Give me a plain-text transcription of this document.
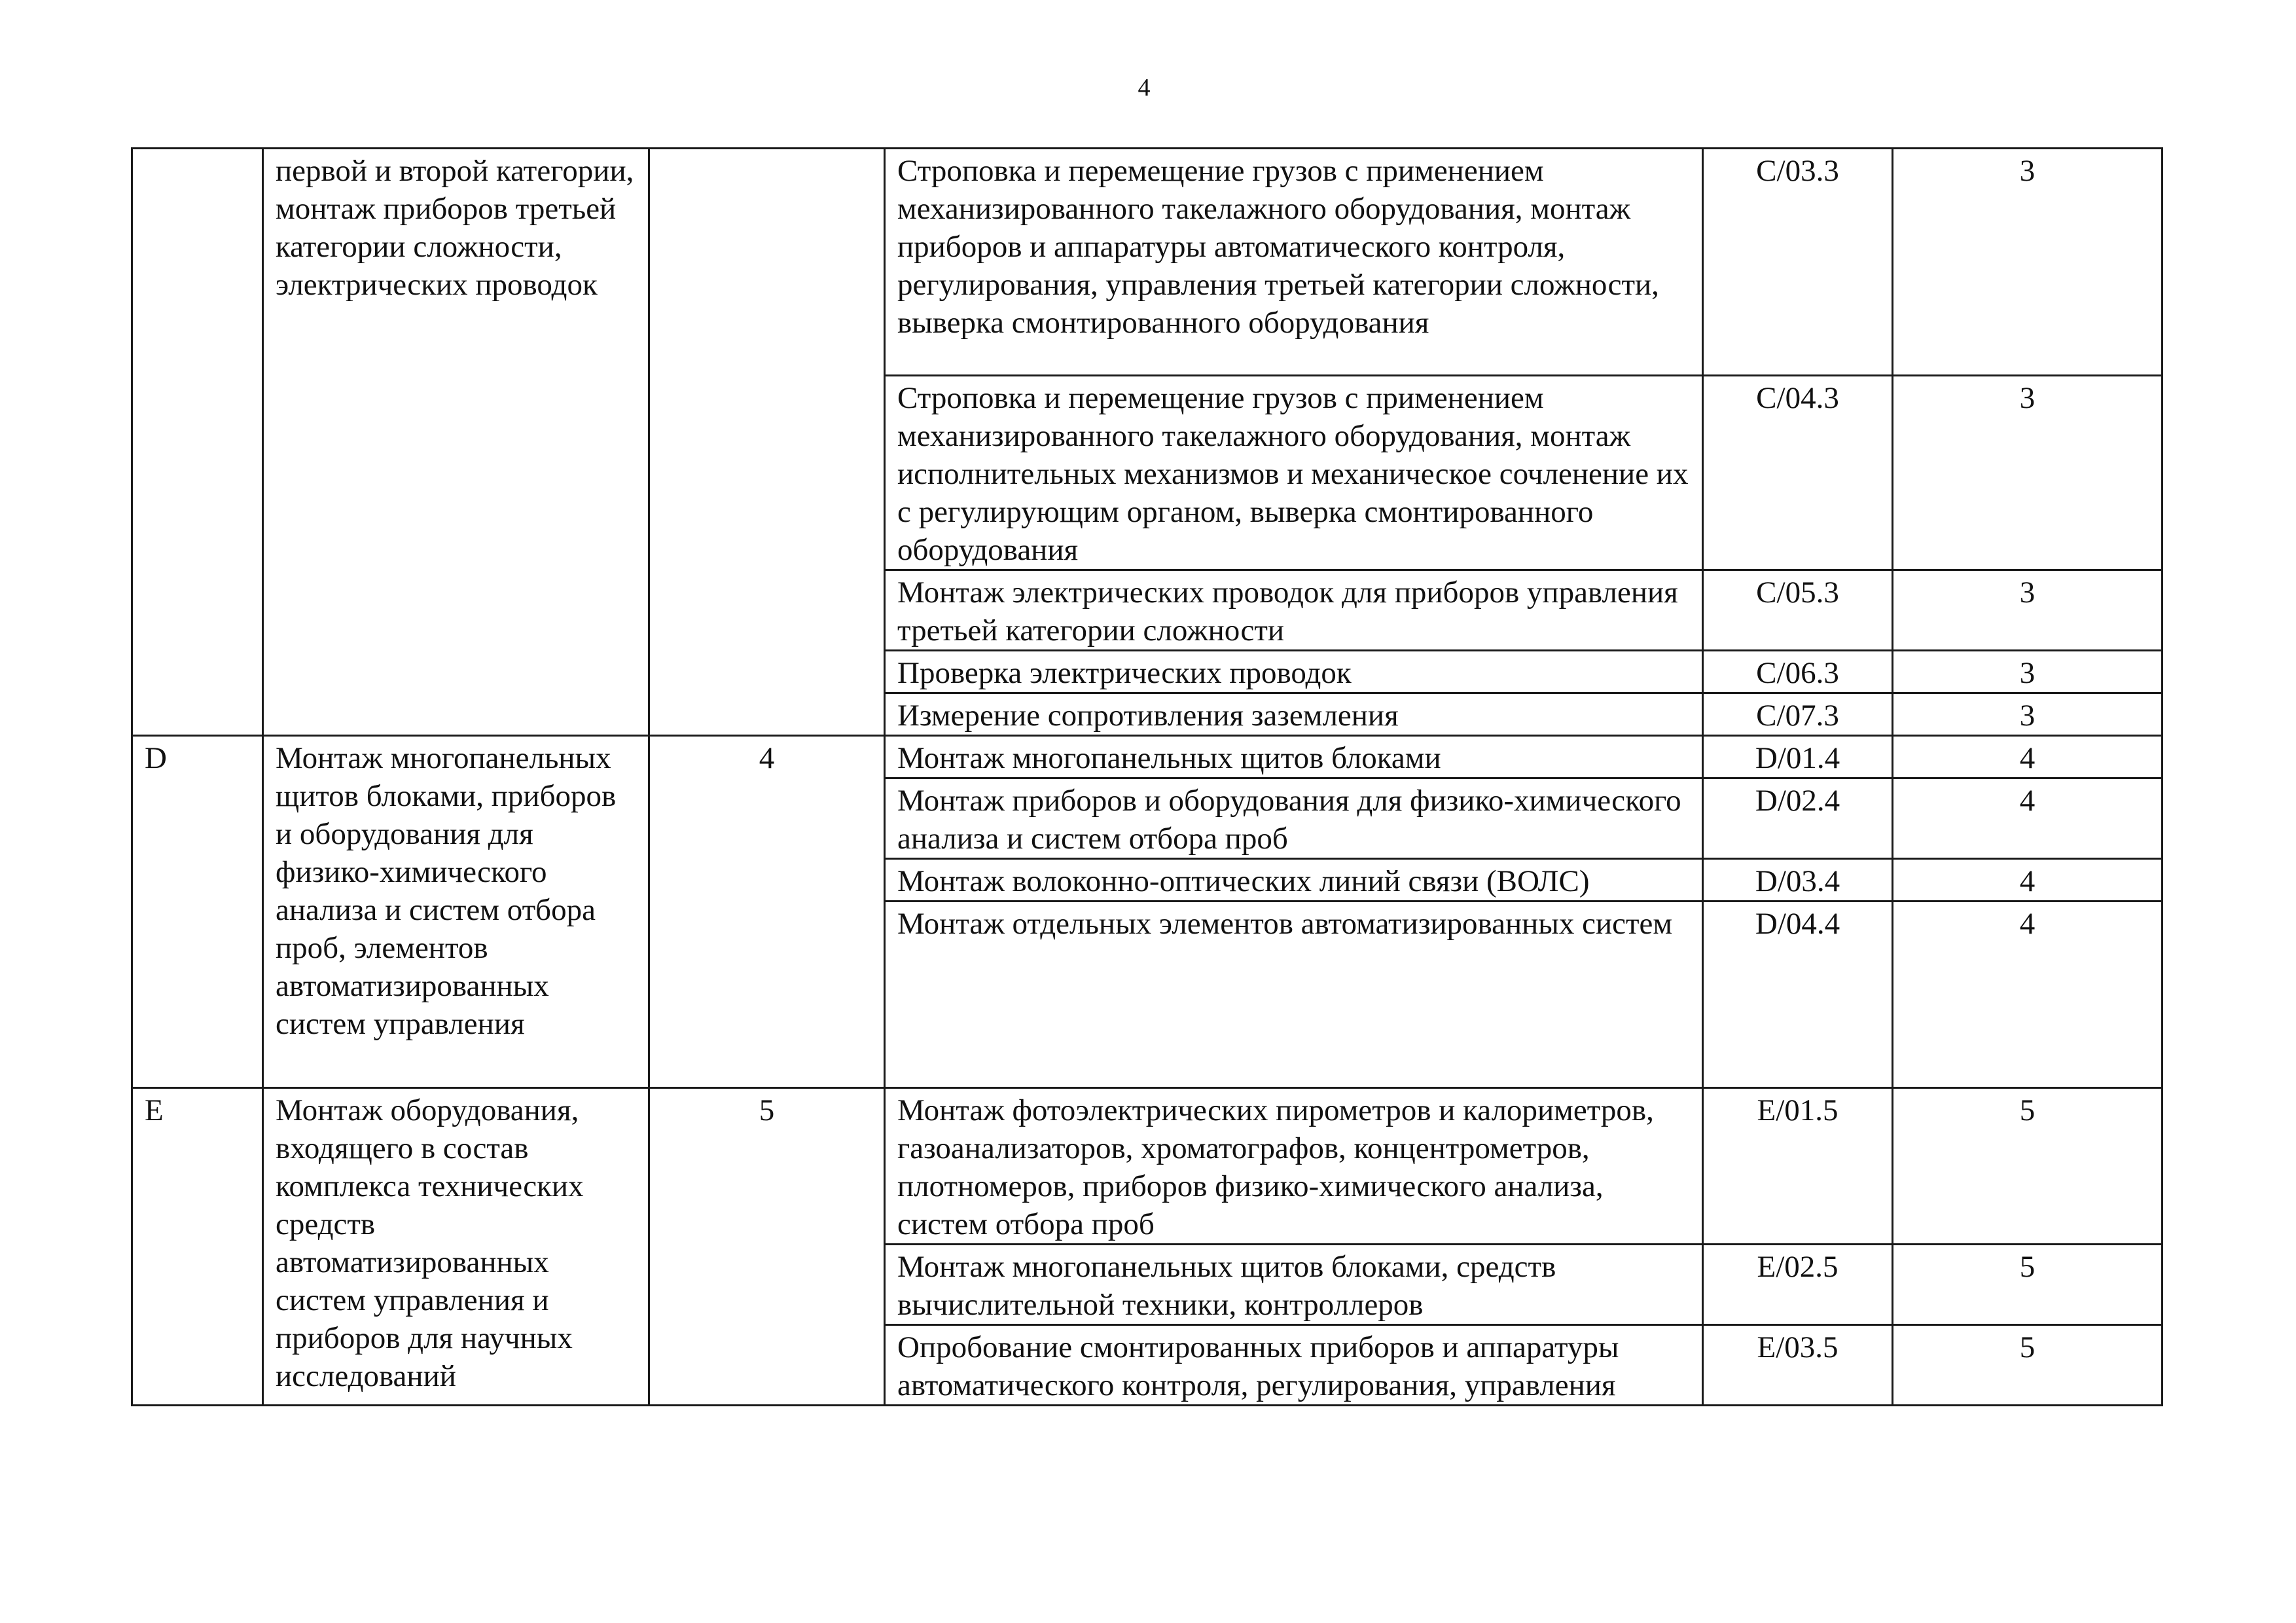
4
	первой и второй категории, монтаж приборов третьей категории сложности, электрических проводок		Строповка и перемещение грузов с применением механизированного такелажного оборудования, монтаж приборов и аппаратуры автоматического контроля, регулирования, управления третьей категории сложности, выверка смонтированного оборудования	C/03.3	3
			Строповка и перемещение грузов с применением механизированного такелажного оборудования, монтаж исполнительных механизмов и механическое сочленение их с регулирующим органом, выверка смонтированного оборудования	C/04.3	3
			Монтаж электрических проводок для приборов управления третьей категории сложности	C/05.3	3
			Проверка электрических проводок	C/06.3	3
			Измерение сопротивления заземления	C/07.3	3
D	Монтаж многопанельных щитов блоками, приборов и оборудования для физико-химического анализа и систем отбора проб, элементов автоматизированных систем управления	4	Монтаж многопанельных щитов блоками	D/01.4	4
			Монтаж приборов и оборудования для физико-химического анализа и систем отбора проб	D/02.4	4
			Монтаж волоконно-оптических линий связи (ВОЛС)	D/03.4	4
			Монтаж отдельных элементов автоматизированных систем	D/04.4	4
E	Монтаж оборудования, входящего в состав комплекса технических средств автоматизированных систем управления и приборов для научных исследований	5	Монтаж фотоэлектрических пирометров и калориметров, газоанализаторов, хроматографов, концентрометров, плотномеров, приборов физико-химического анализа, систем отбора проб	E/01.5	5
			Монтаж многопанельных щитов блоками, средств вычислительной техники, контроллеров	E/02.5	5
			Опробование смонтированных приборов и аппаратуры автоматического контроля, регулирования, управления	E/03.5	5
